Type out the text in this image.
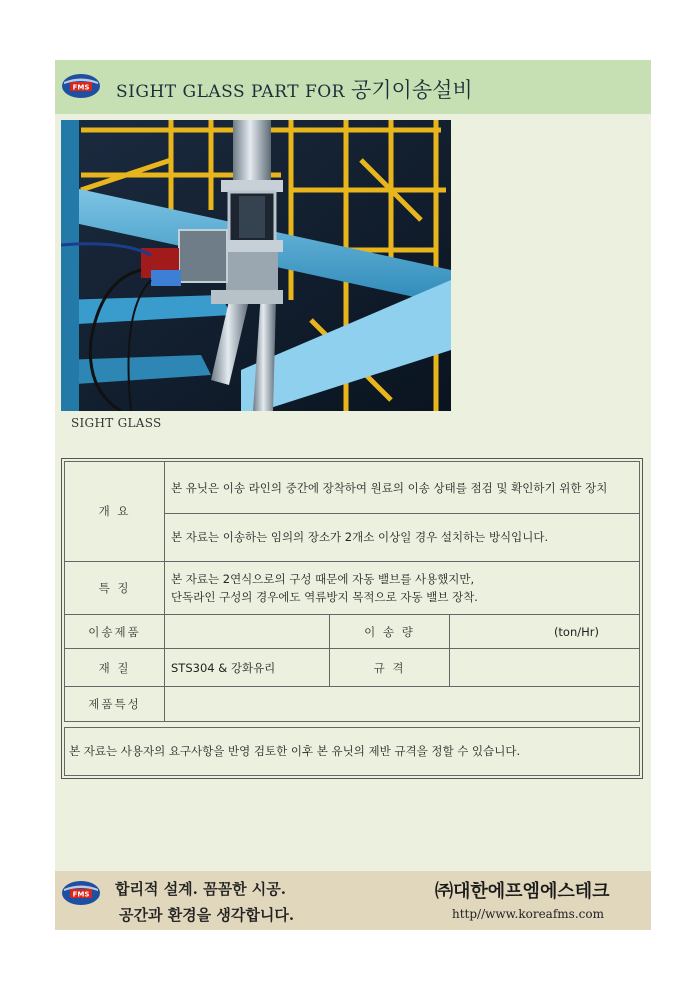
FMS SIGHT GLASS PART FOR 공기이송설비
SIGHT GLASS
개 요	본 유닛은 이송 라인의 중간에 장착하여 원료의 이송 상태를 점검 및 확인하기 위한 장치		
	본 자료는 이송하는 임의의 장소가 2개소 이상일 경우 설치하는 방식입니다.		
특 징	본 자료는 2연식으로의 구성 때문에 자동 밸브를 사용했지만,
단독라인 구성의 경우에도 역류방지 목적으로 자동 밸브 장착.		

이송제품		이 송 량	(ton/Hr)
재 질	STS304 & 강화유리	규 격	
제품특성			

본 자료는 사용자의 요구사항을 반영 검토한 이후 본 유닛의 제반 규격을 정할 수 있습니다.			
FMS 합리적 설계. 꼼꼼한 시공.
공간과 환경을 생각합니다.
㈜대한에프엠에스테크
http//www.koreafms.com
